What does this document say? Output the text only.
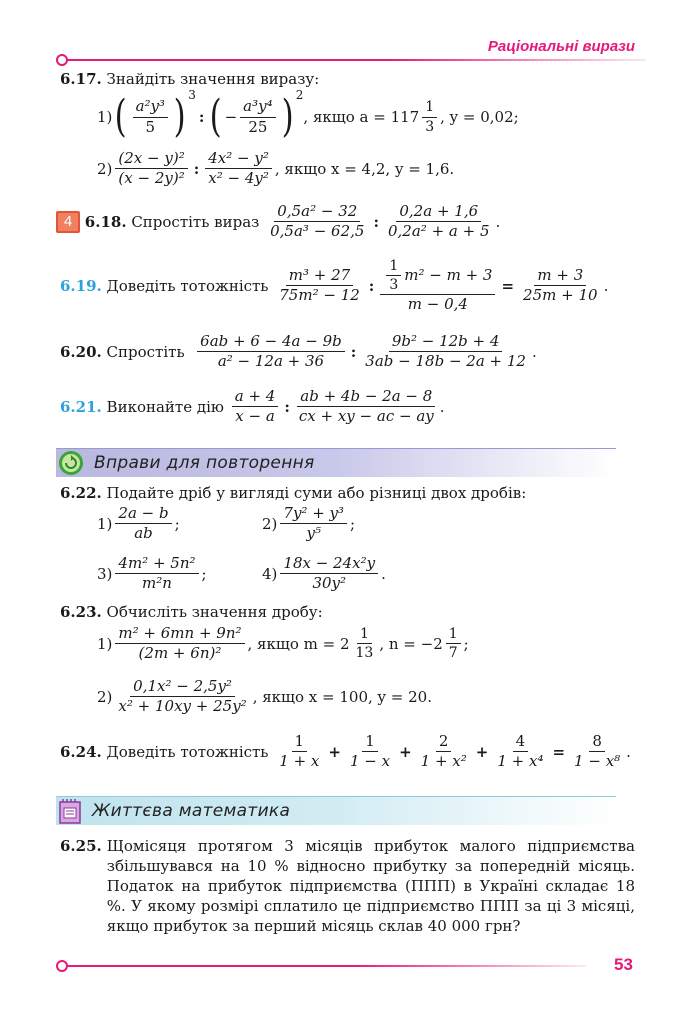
Раціональні вирази
6.17.
Знайдіть значення виразу:
1) ( $\frac{\text{a²y³}}{5}$ ) 3
: ( − $\frac{\text{a³y⁴}}{25}$ ) 2
, якщо $a = 117 \frac{1}{3}$ , y = 0,02;
$2) \frac{\text{(2x − y)²}}{\text{(x − 2y)²}}$ : $\frac{\text{4x² − y²}}{\text{x² − 4y²}}$ , якщо x = 4,2, y = 1,6.
4
6.18.
Спростіть вираз
$\frac{\text{0,5a² − 32}}{\text{0,5a³ − 62,5}}$ : $\frac{0,2a + 1,6}{\text{0,2a² + a + 5}}$ .
6.19.
Доведіть тотожність
$\frac{\text{m³ + 27}}{\text{75m² − 12}}$ : $\frac{\frac{1}{3} m^2 - m + 3}{m - 0,4} = \frac{m + 3}{25m + 10}$ .
6.20.
Спростіть
$\frac{6ab + 6 - 4a - 9b}{\text{a² − 12a + 36}}$ : $\frac{\text{9b² − 12b + 4}}{3ab - 18b - 2a + 12}$ .
6.21.
Виконайте дію
$\frac{a + 4}{x - a}$ : $\frac{ab + 4b - 2a - 8}{cx + xy - ac - ay}$ .
Вправи для повторення
6.22.
Подайте дріб у вигляді суми або різниці двох дробів:
$1) \frac{2a - b}{ab}$ ;	$2) \frac{\text{7y² + y³}}{\text{y⁵}}$ ;
$3) \frac{\text{4m² + 5n²}}{\text{m²n}}$ ;	$4) \frac{\text{18x − 24x²y}}{\text{30y²}}$ .
6.23.
Обчисліть значення дробу:
$1) \frac{\text{m² + 6mn + 9n²}}{\text{(2m + 6n)²}}$ , якщо $m = 2 \frac{1}{13}$ , $n = -2 \frac{1}{7}$ ;
$2) \frac{\text{0,1x² − 2,5y²}}{\text{x² + 10xy + 25y²}}$ , якщо x = 100, y = 20.
6.24.
Доведіть тотожність
$\frac{1}{1 + x} + \frac{1}{1 - x} + \frac{2}{\text{1 + x²}} + \frac{4}{\text{1 + x⁴}} = \frac{8}{\text{1 − x⁸}}$ .
Життєва математика
6.25. Щомісяця протягом 3 місяців прибуток малого підприємства збільшувався на 10 % відносно прибутку за попередній місяць. Податок на прибуток підприємства (ППП) в Україні складає 18 %. У якому розмірі сплатило це підприємство ППП за ці 3 місяці, якщо прибуток за перший місяць склав 40 000 грн?
53
